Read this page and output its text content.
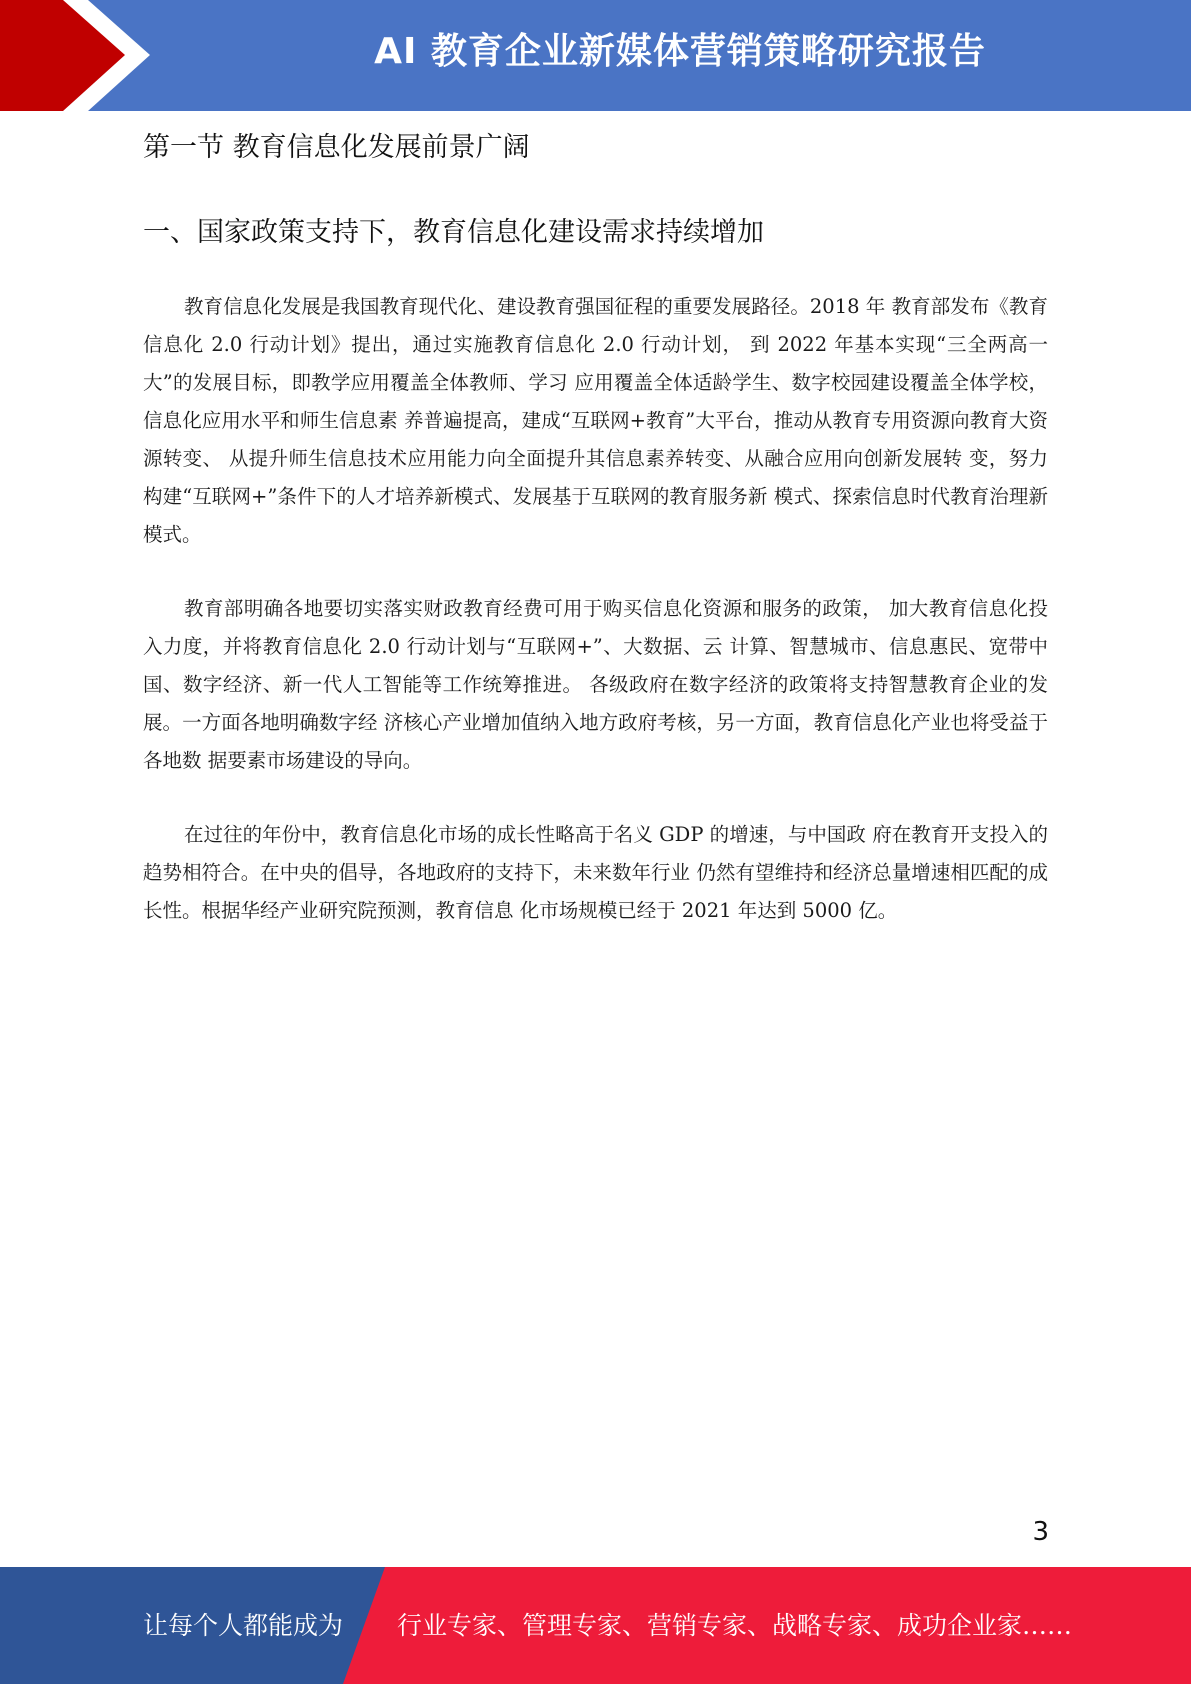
AI 教育企业新媒体营销策略研究报告
第一节 教育信息化发展前景广阔
一、国家政策支持下，教育信息化建设需求持续增加

教育信息化发展是我国教育现代化、建设教育强国征程的重要发展路径。2018 年 教育部发布《教育信息化 2.0 行动计划》提出，通过实施教育信息化 2.0 行动计划， 到 2022 年基本实现“三全两高一大”的发展目标，即教学应用覆盖全体教师、学习 应用覆盖全体适龄学生、数字校园建设覆盖全体学校，信息化应用水平和师生信息素 养普遍提高，建成“互联网+教育”大平台，推动从教育专用资源向教育大资源转变、 从提升师生信息技术应用能力向全面提升其信息素养转变、从融合应用向创新发展转 变，努力构建“互联网+”条件下的人才培养新模式、发展基于互联网的教育服务新 模式、探索信息时代教育治理新模式。

教育部明确各地要切实落实财政教育经费可用于购买信息化资源和服务的政策， 加大教育信息化投入力度，并将教育信息化 2.0 行动计划与“互联网+”、大数据、云 计算、智慧城市、信息惠民、宽带中国、数字经济、新一代人工智能等工作统筹推进。 各级政府在数字经济的政策将支持智慧教育企业的发展。一方面各地明确数字经 济核心产业增加值纳入地方政府考核，另一方面，教育信息化产业也将受益于各地数 据要素市场建设的导向。

在过往的年份中，教育信息化市场的成长性略高于名义 GDP 的增速，与中国政 府在教育开支投入的趋势相符合。在中央的倡导，各地政府的支持下，未来数年行业 仍然有望维持和经济总量增速相匹配的成长性。根据华经产业研究院预测，教育信息 化市场规模已经于 2021 年达到 5000 亿。

3
让每个人都能成为 行业专家、管理专家、营销专家、战略专家、成功企业家……
